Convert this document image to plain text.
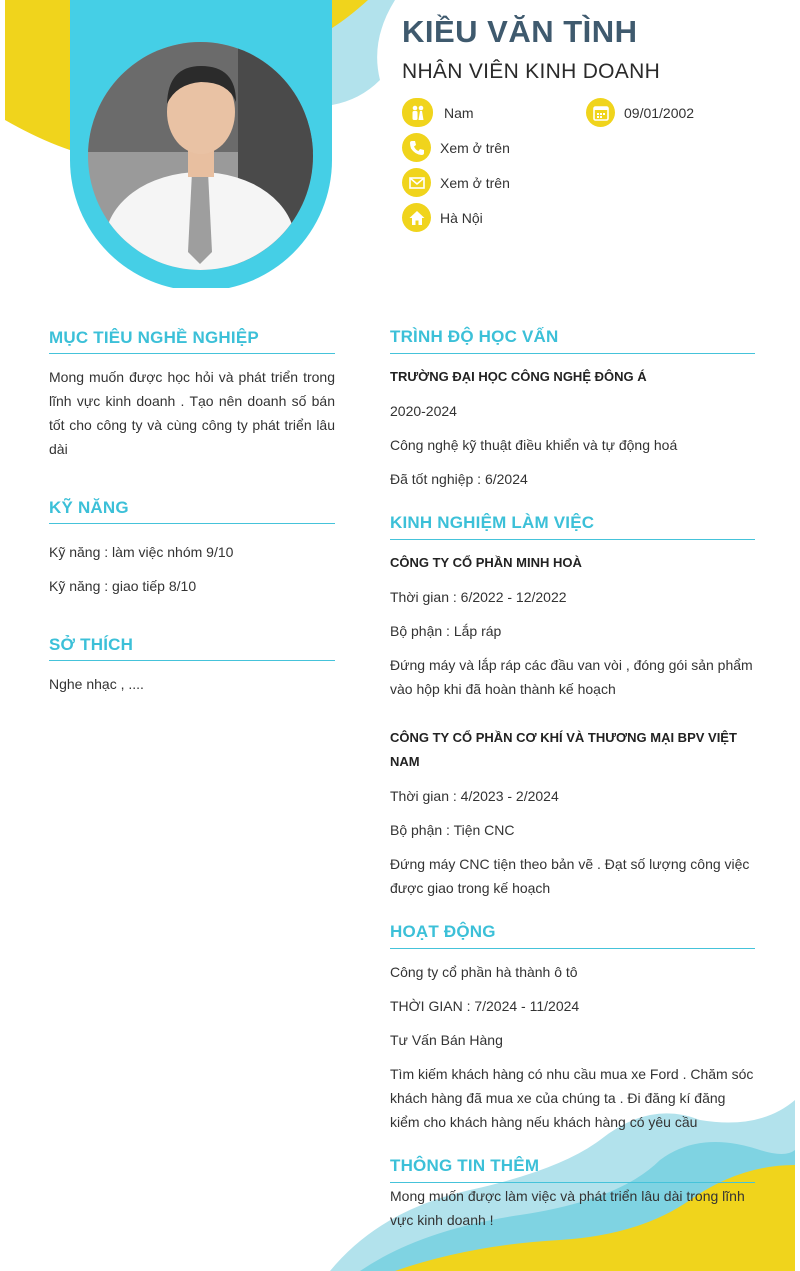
KIỀU VĂN TÌNH
NHÂN VIÊN KINH DOANH
Nam	09/01/2002
Xem ở trên
Xem ở trên
Hà Nội
MỤC TIÊU NGHỀ NGHIỆP
Mong muốn được học hỏi và phát triển trong lĩnh vực kinh doanh . Tạo nên doanh số bán tốt cho công ty và cùng công ty phát triển lâu dài
KỸ NĂNG
Kỹ năng : làm việc nhóm 9/10
Kỹ năng : giao tiếp 8/10
SỞ THÍCH
Nghe nhạc , ....
TRÌNH ĐỘ HỌC VẤN
TRƯỜNG ĐẠI HỌC CÔNG NGHỆ ĐÔNG Á
2020-2024
Công nghệ kỹ thuật điều khiển và tự động hoá
Đã tốt nghiệp : 6/2024
KINH NGHIỆM LÀM VIỆC
CÔNG TY CỔ PHẦN MINH HOÀ
Thời gian : 6/2022 - 12/2022
Bộ phận : Lắp ráp
Đứng máy và lắp ráp các đầu van vòi , đóng gói sản phẩm vào hộp khi đã hoàn thành kế hoạch
CÔNG TY CỔ PHẦN CƠ KHÍ VÀ THƯƠNG MẠI BPV VIỆT NAM
Thời gian : 4/2023 - 2/2024
Bộ phận : Tiện CNC
Đứng máy CNC tiện theo bản vẽ . Đạt số lượng công việc được giao trong kế hoạch
HOẠT ĐỘNG
Công ty cổ phần hà thành ô tô
THỜI GIAN : 7/2024 - 11/2024
Tư Vấn Bán Hàng
Tìm kiếm khách hàng có nhu cầu mua xe Ford . Chăm sóc khách hàng đã mua xe của chúng ta . Đi đăng kí đăng kiểm cho khách hàng nếu khách hàng có yêu cầu
THÔNG TIN THÊM
Mong muốn được làm việc và phát triển lâu dài trong lĩnh vực kinh doanh !
